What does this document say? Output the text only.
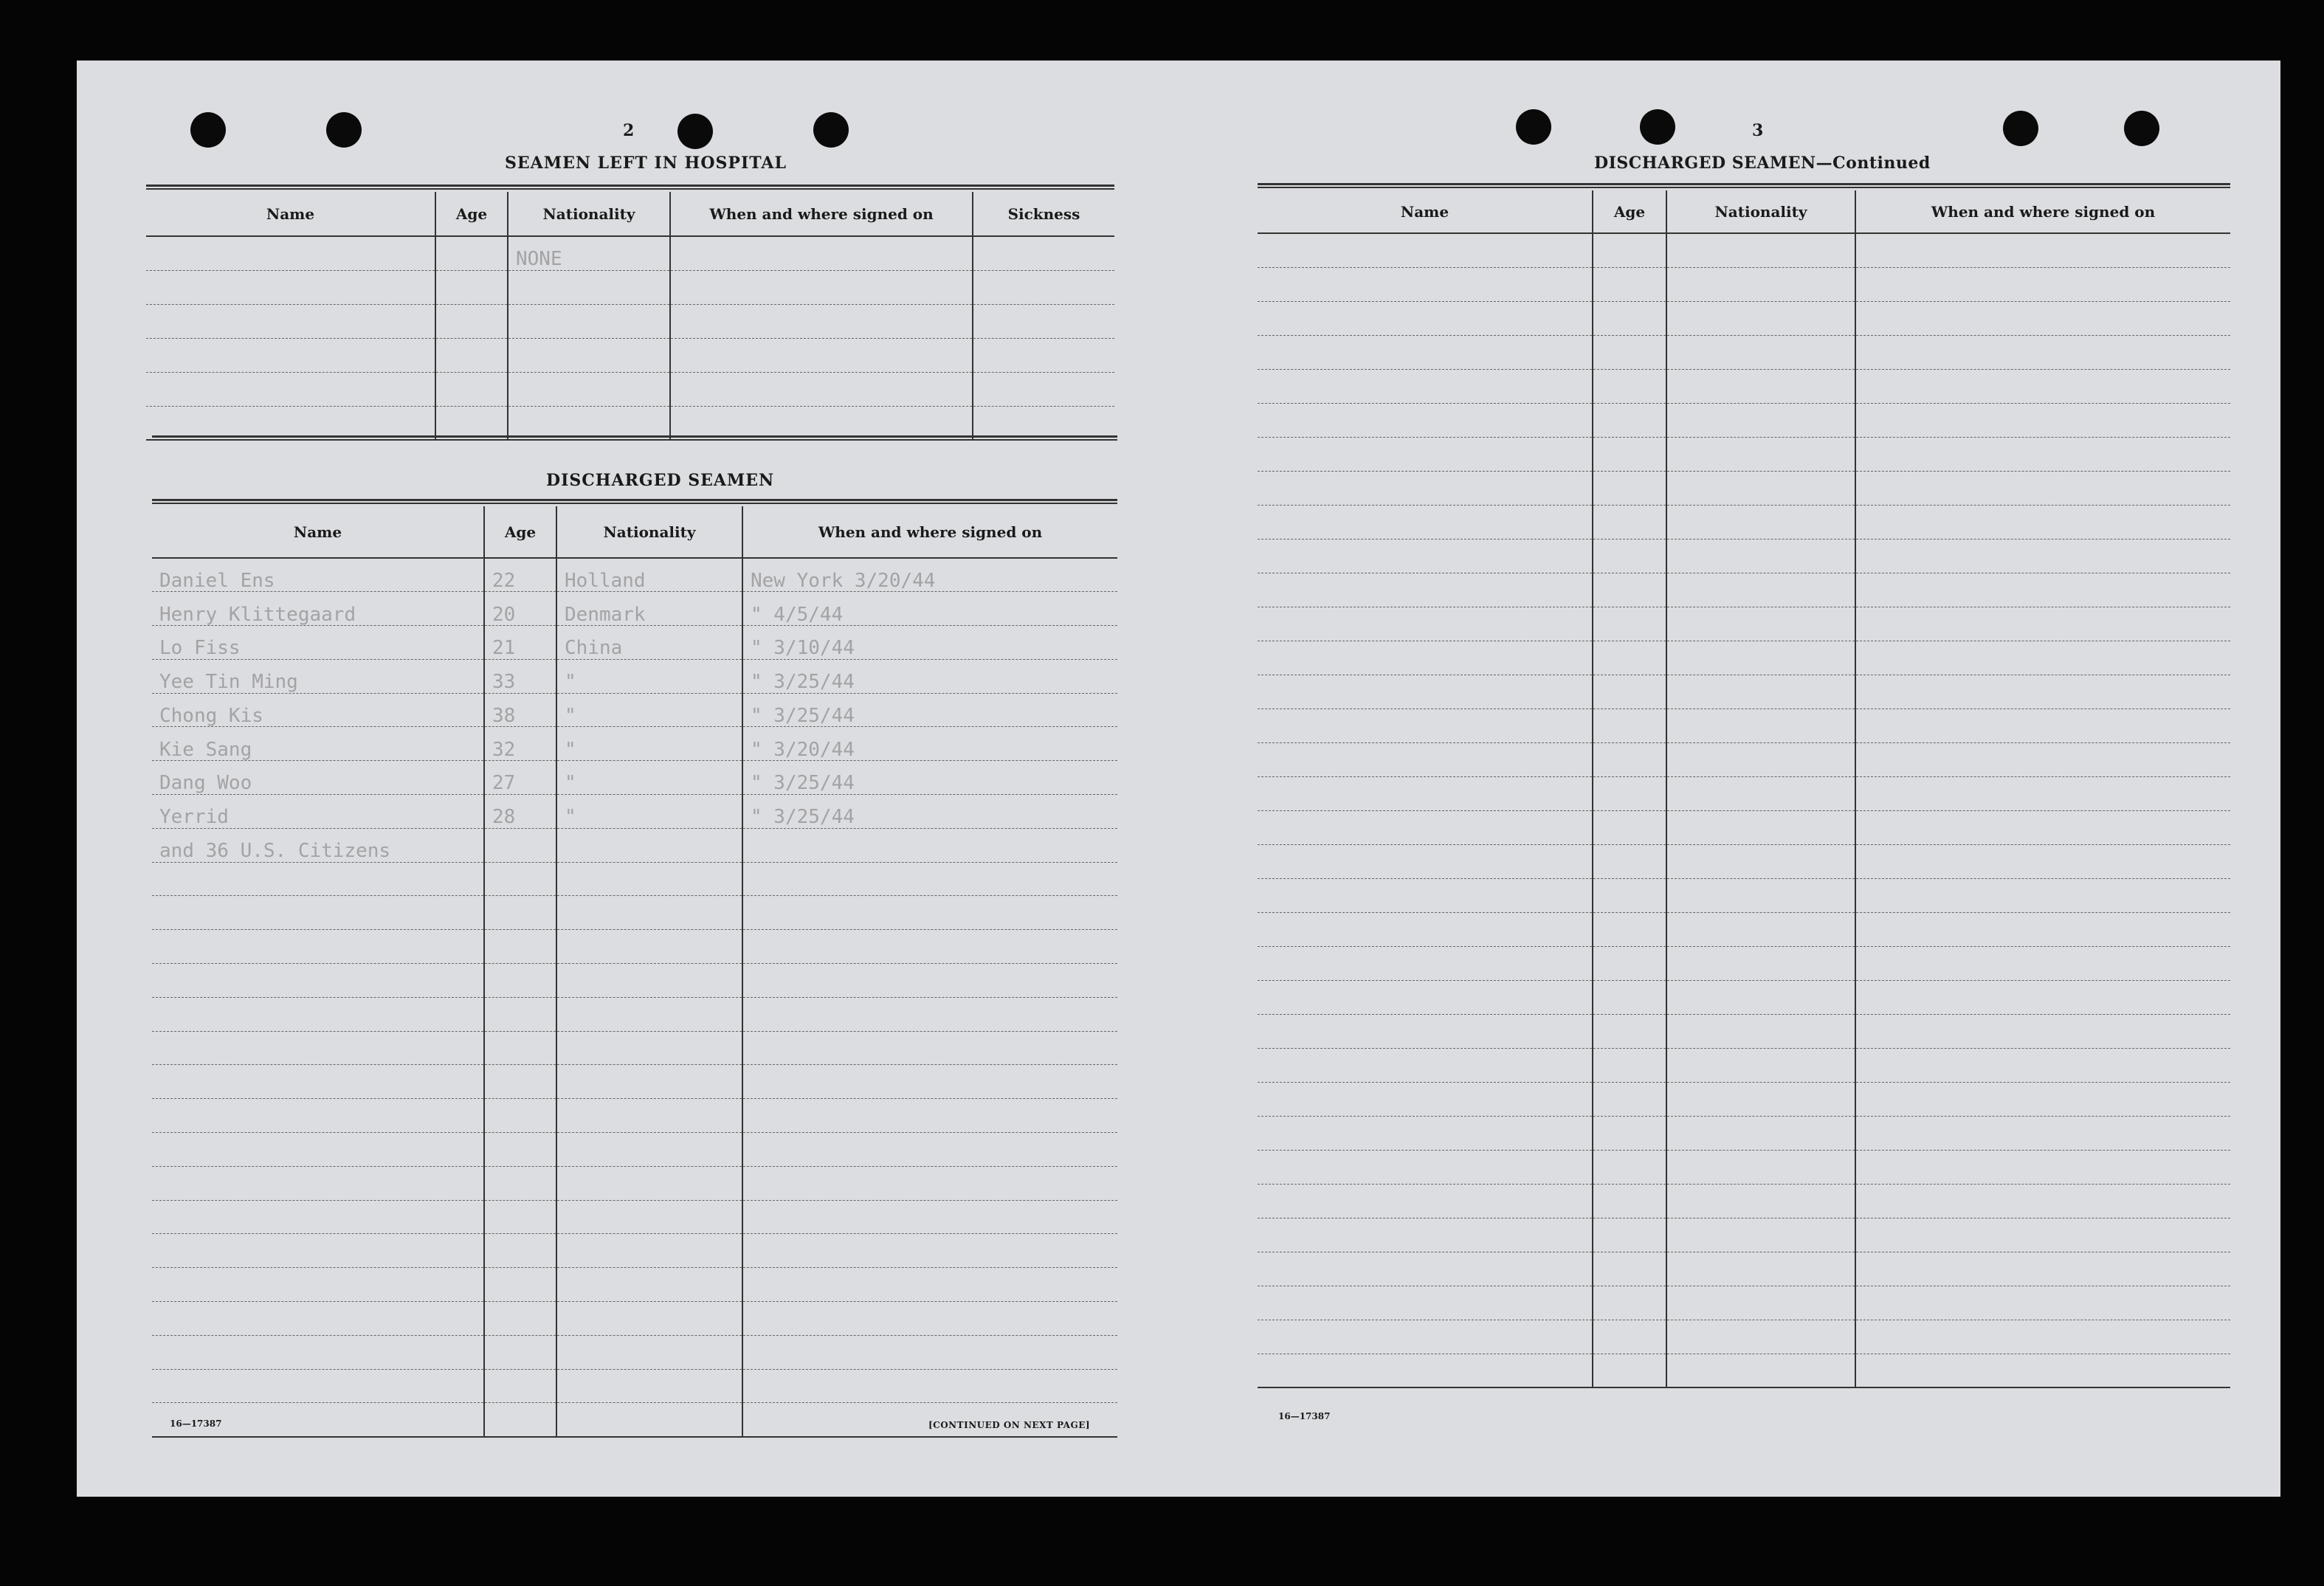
2
SEAMEN LEFT IN HOSPITAL
Name	Age	Nationality	When and where signed on	Sickness
		NONE		

DISCHARGED SEAMEN
Name	Age	Nationality	When and where signed on
Daniel Ens	22	Holland	New York 3/20/44
Henry Klittegaard	20	Denmark	" 4/5/44
Lo Fiss	21	China	" 3/10/44
Yee Tin Ming	33	"	" 3/25/44
Chong Kis	38	"	" 3/25/44
Kie Sang	32	"	" 3/20/44
Dang Woo	27	"	" 3/25/44
Yerrid	28	"	" 3/25/44
and 36 U.S. Citizens			

16—17387	[CONTINUED ON NEXT PAGE]
3
DISCHARGED SEAMEN—Continued
Name	Age	Nationality	When and where signed on

16—17387
